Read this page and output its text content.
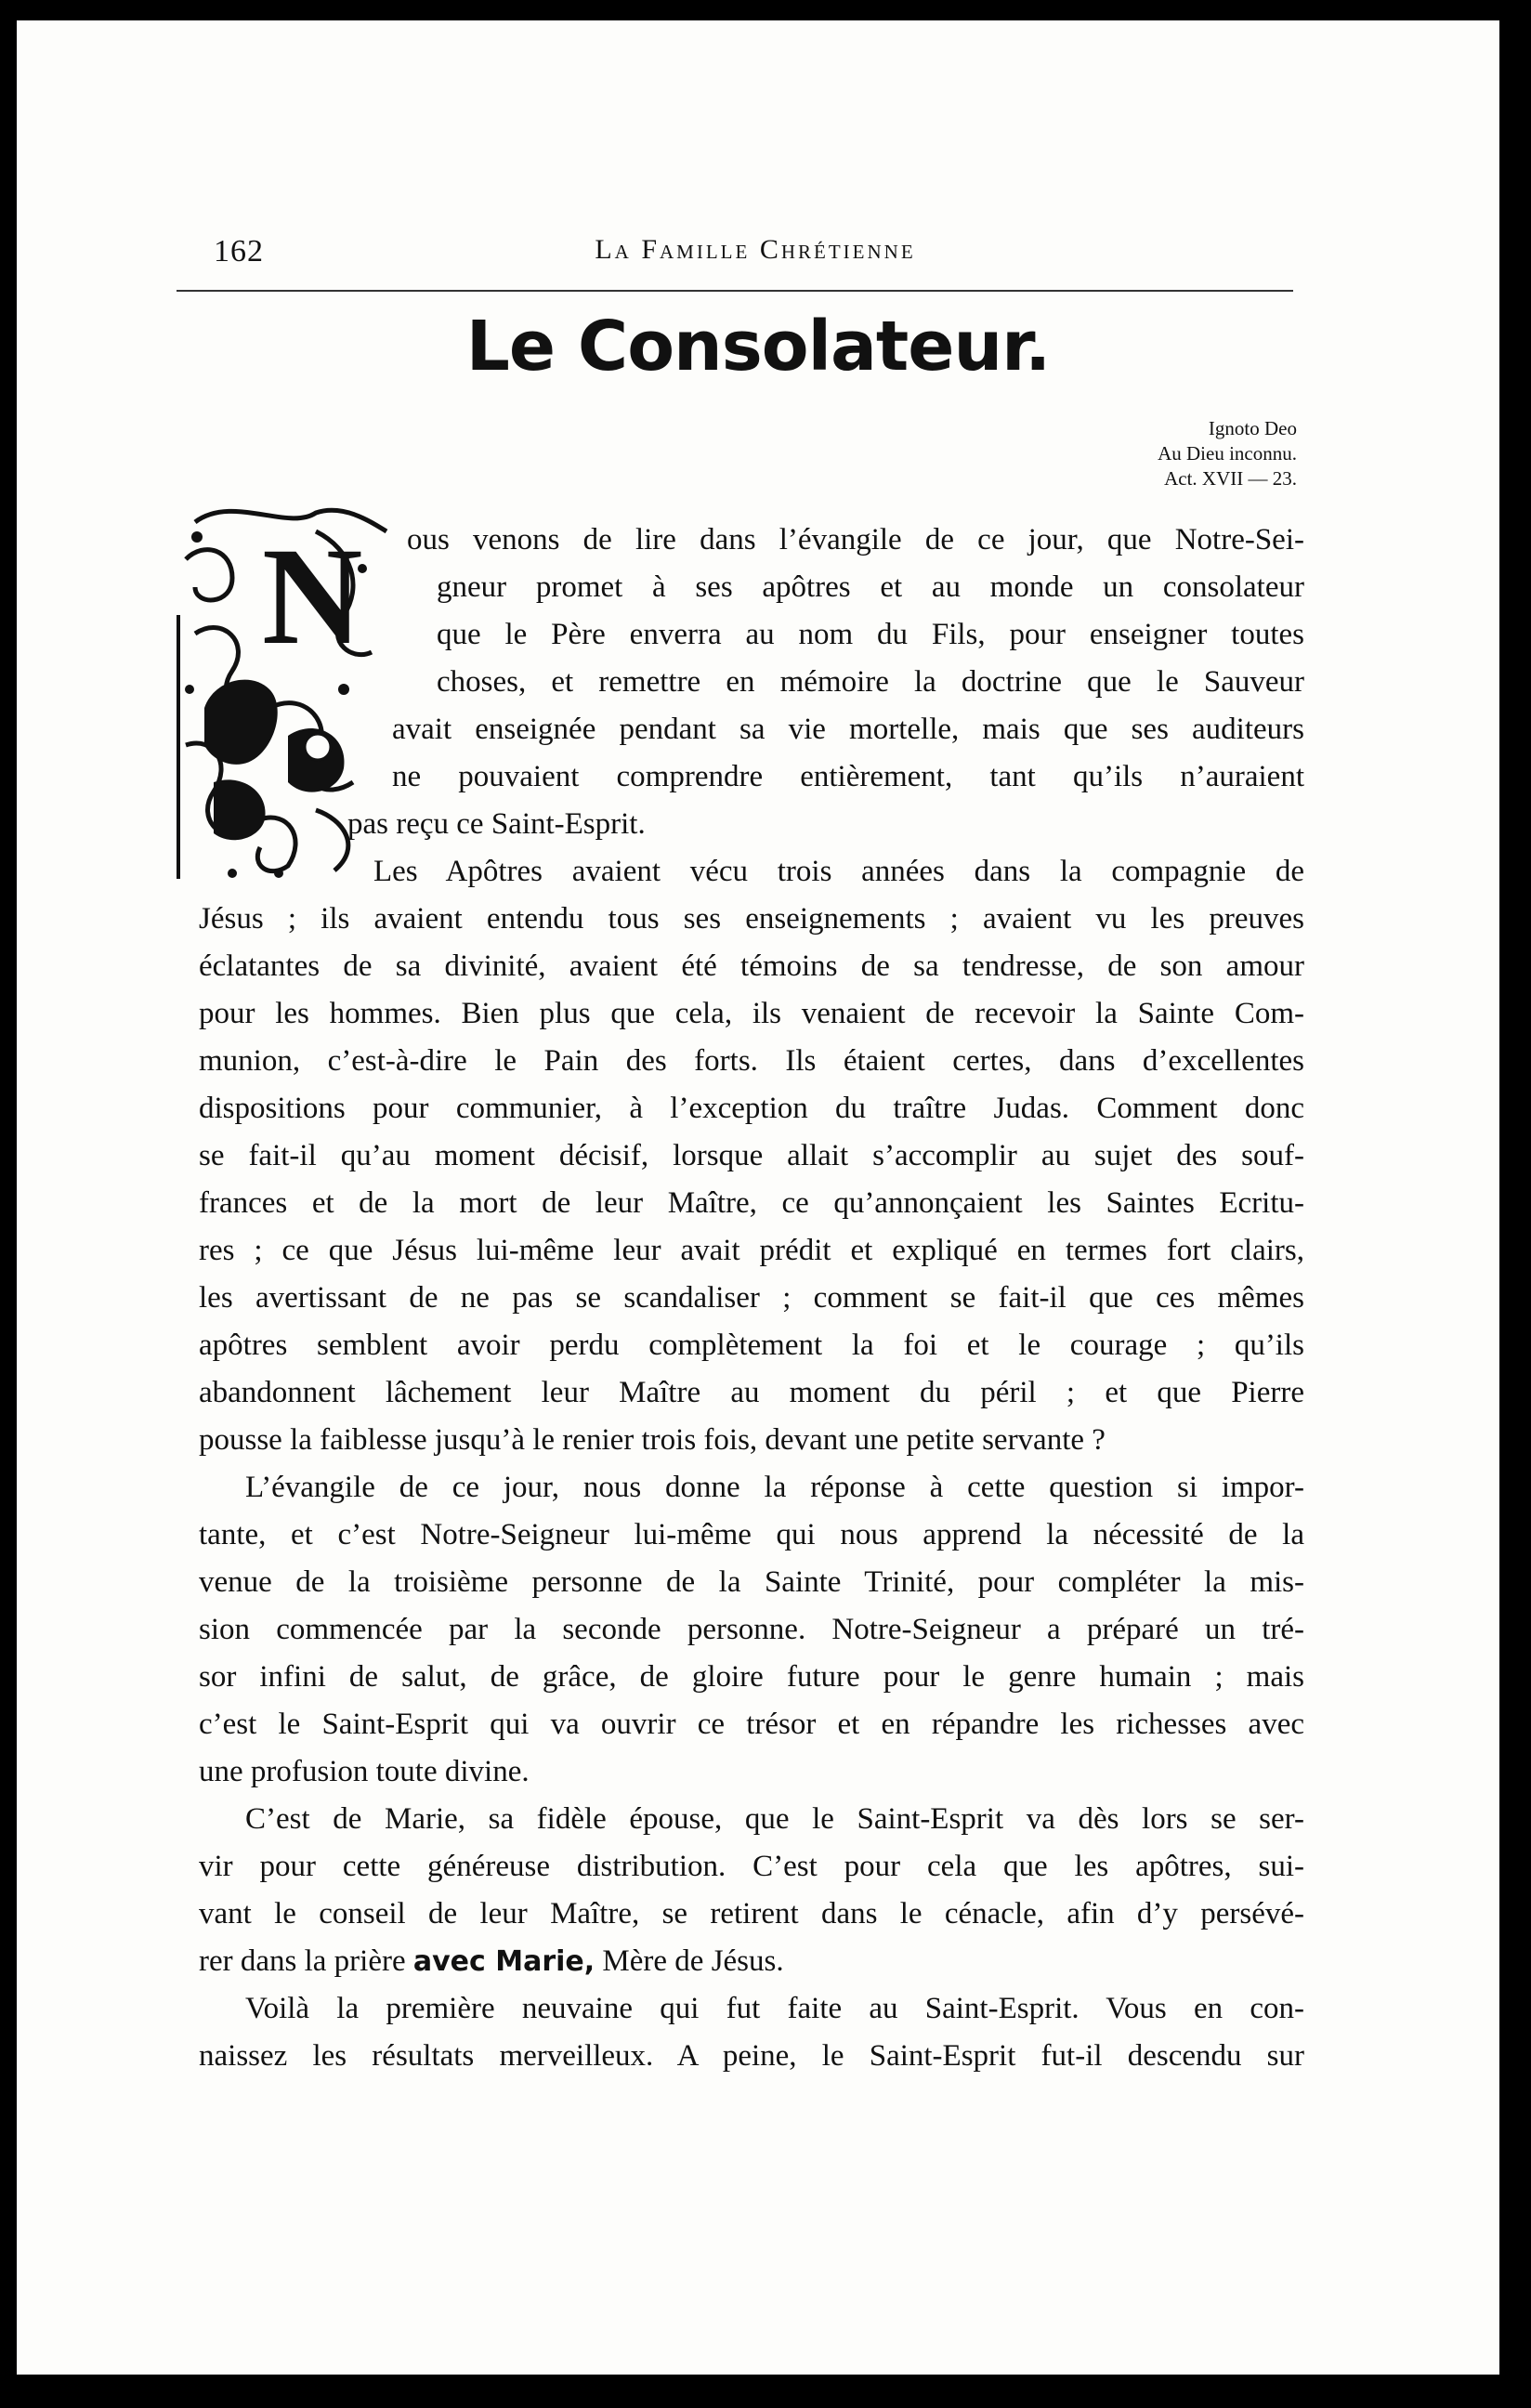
162	La Famille Chrétienne
Le Consolateur.
Ignoto Deo
Au Dieu inconnu.
Act. XVII — 23.
N ous venons de lire dans l’évangile de ce jour, que Notre-Sei-
gneur promet à ses apôtres et au monde un consolateur
que le Père enverra au nom du Fils, pour enseigner toutes
choses, et remettre en mémoire la doctrine que le Sauveur
avait enseignée pendant sa vie mortelle, mais que ses auditeurs
ne pouvaient comprendre entièrement, tant qu’ils n’auraient
pas reçu ce Saint-Esprit.
Les Apôtres avaient vécu trois années dans la compagnie de
Jésus ; ils avaient entendu tous ses enseignements ; avaient vu les preuves
éclatantes de sa divinité, avaient été témoins de sa tendresse, de son amour
pour les hommes. Bien plus que cela, ils venaient de recevoir la Sainte Com-
munion, c’est-à-dire le Pain des forts. Ils étaient certes, dans d’excellentes
dispositions pour communier, à l’exception du traître Judas. Comment donc
se fait-il qu’au moment décisif, lorsque allait s’accomplir au sujet des souf-
frances et de la mort de leur Maître, ce qu’annonçaient les Saintes Ecritu-
res ; ce que Jésus lui-même leur avait prédit et expliqué en termes fort clairs,
les avertissant de ne pas se scandaliser ; comment se fait-il que ces mêmes
apôtres semblent avoir perdu complètement la foi et le courage ; qu’ils
abandonnent lâchement leur Maître au moment du péril ; et que Pierre
pousse la faiblesse jusqu’à le renier trois fois, devant une petite servante ?
L’évangile de ce jour, nous donne la réponse à cette question si impor-
tante, et c’est Notre-Seigneur lui-même qui nous apprend la nécessité de la
venue de la troisième personne de la Sainte Trinité, pour compléter la mis-
sion commencée par la seconde personne. Notre-Seigneur a préparé un tré-
sor infini de salut, de grâce, de gloire future pour le genre humain ; mais
c’est le Saint-Esprit qui va ouvrir ce trésor et en répandre les richesses avec
une profusion toute divine.
C’est de Marie, sa fidèle épouse, que le Saint-Esprit va dès lors se ser-
vir pour cette généreuse distribution. C’est pour cela que les apôtres, sui-
vant le conseil de leur Maître, se retirent dans le cénacle, afin d’y persévé-
rer dans la prière avec Marie, Mère de Jésus.
Voilà la première neuvaine qui fut faite au Saint-Esprit. Vous en con-
naissez les résultats merveilleux. A peine, le Saint-Esprit fut-il descendu sur
